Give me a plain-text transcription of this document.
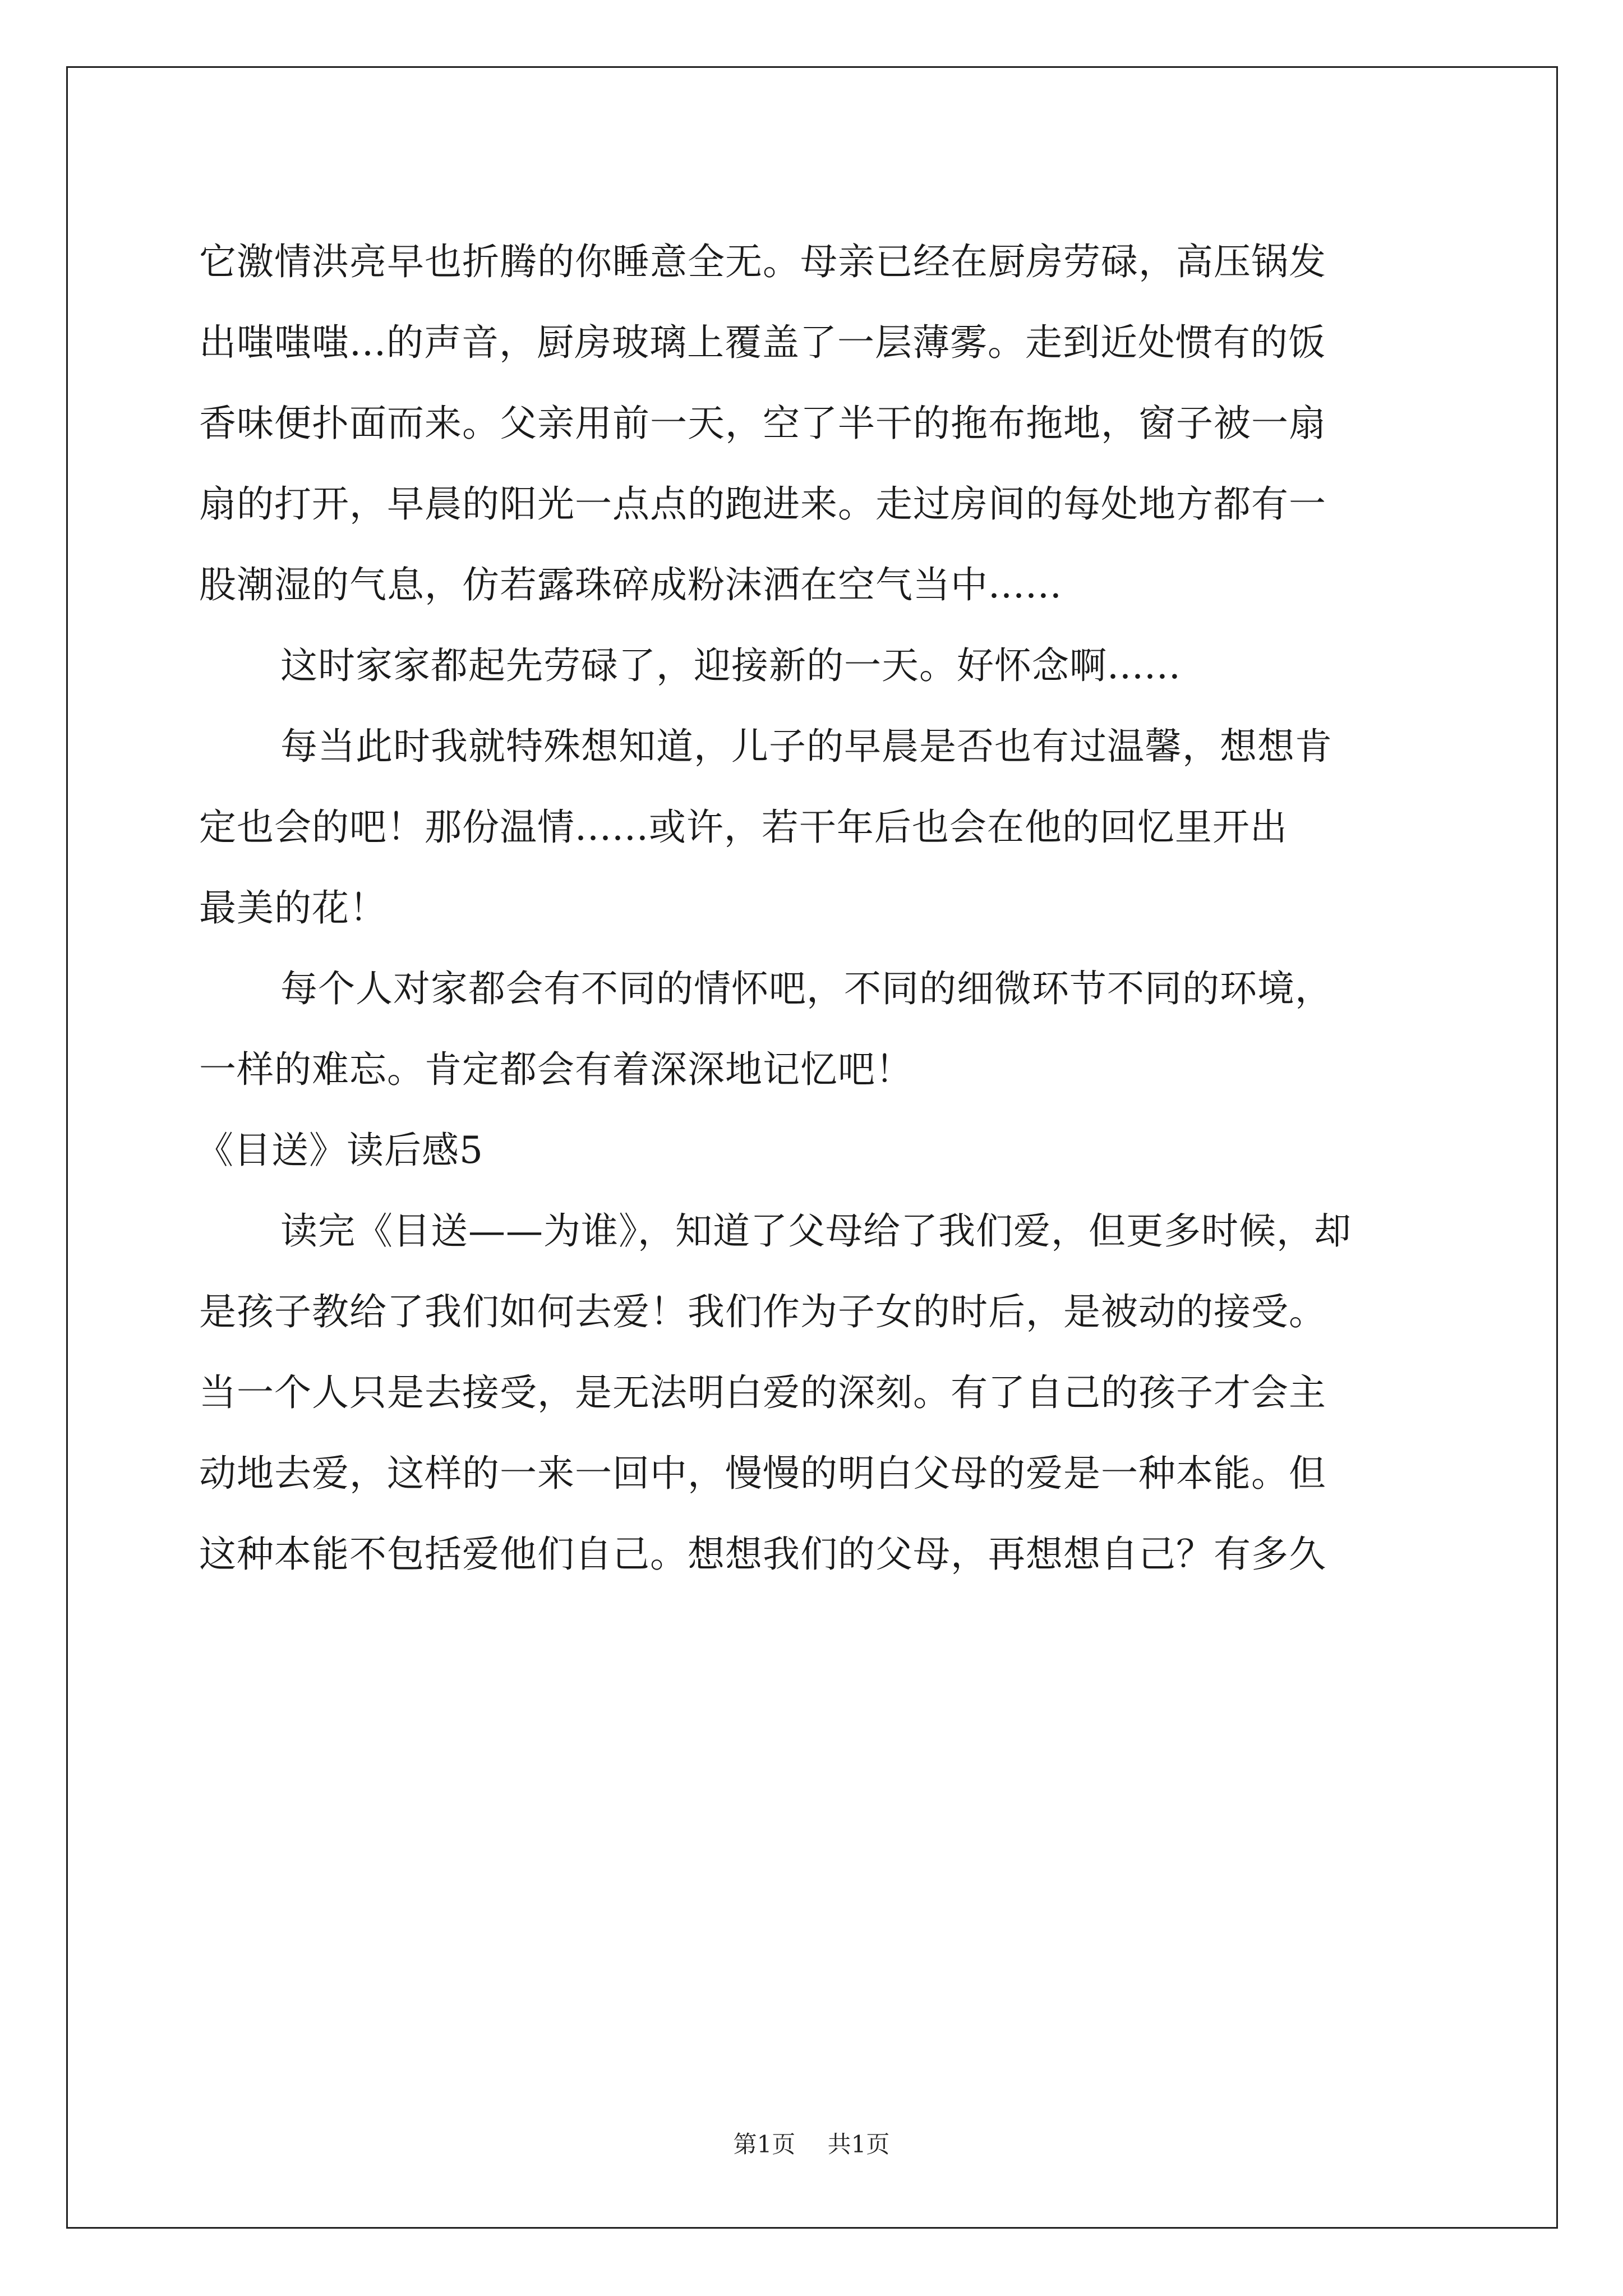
它激情洪亮早也折腾的你睡意全无。母亲已经在厨房劳碌，高压锅发
出嗤嗤嗤...的声音，厨房玻璃上覆盖了一层薄雾。走到近处惯有的饭
香味便扑面而来。父亲用前一天，空了半干的拖布拖地，窗子被一扇
扇的打开，早晨的阳光一点点的跑进来。走过房间的每处地方都有一
股潮湿的气息，仿若露珠碎成粉沫洒在空气当中......
这时家家都起先劳碌了，迎接新的一天。好怀念啊......
每当此时我就特殊想知道，儿子的早晨是否也有过温馨，想想肯
定也会的吧！那份温情......或许，若干年后也会在他的回忆里开出
最美的花！
每个人对家都会有不同的情怀吧，不同的细微环节不同的环境，
一样的难忘。肯定都会有着深深地记忆吧！
《目送》读后感5
读完《目送——为谁》，知道了父母给了我们爱，但更多时候，却
是孩子教给了我们如何去爱！我们作为子女的时后，是被动的接受。
当一个人只是去接受，是无法明白爱的深刻。有了自己的孩子才会主
动地去爱，这样的一来一回中，慢慢的明白父母的爱是一种本能。但
这种本能不包括爱他们自己。想想我们的父母，再想想自己？有多久
第1页 共1页
